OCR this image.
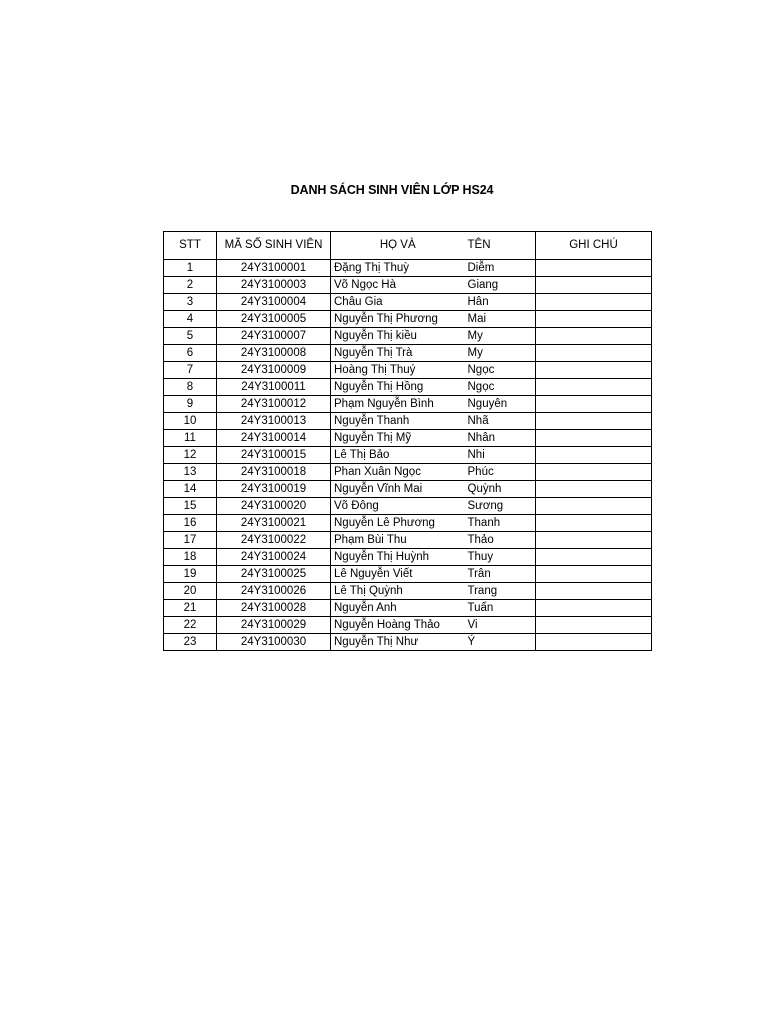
DANH SÁCH SINH VIÊN LỚP HS24
STT	MÃ SỐ SINH VIÊN	HỌ VÀ	TÊN	GHI CHÚ
1	24Y3100001	Đặng Thị Thuỳ	Diễm	
2	24Y3100003	Võ Ngọc Hà	Giang	
3	24Y3100004	Châu Gia	Hân	
4	24Y3100005	Nguyễn Thị Phương	Mai	
5	24Y3100007	Nguyễn Thị kiều	My	
6	24Y3100008	Nguyễn Thị Trà	My	
7	24Y3100009	Hoàng Thị Thuý	Ngọc	
8	24Y3100011	Nguyễn Thị Hồng	Ngọc	
9	24Y3100012	Phạm Nguyễn Bình	Nguyên	
10	24Y3100013	Nguyễn Thanh	Nhã	
11	24Y3100014	Nguyễn Thị Mỹ	Nhân	
12	24Y3100015	Lê Thị Bảo	Nhi	
13	24Y3100018	Phan Xuân Ngọc	Phúc	
14	24Y3100019	Nguyễn Vĩnh Mai	Quỳnh	
15	24Y3100020	Võ Đông	Sương	
16	24Y3100021	Nguyễn Lê Phương	Thanh	
17	24Y3100022	Phạm Bùi Thu	Thảo	
18	24Y3100024	Nguyễn Thị Huỳnh	Thuy	
19	24Y3100025	Lê Nguyễn Viết	Trân	
20	24Y3100026	Lê Thị Quỳnh	Trang	
21	24Y3100028	Nguyễn Anh	Tuấn	
22	24Y3100029	Nguyễn Hoàng Thảo	Vi	
23	24Y3100030	Nguyễn Thị Như	Ý	
